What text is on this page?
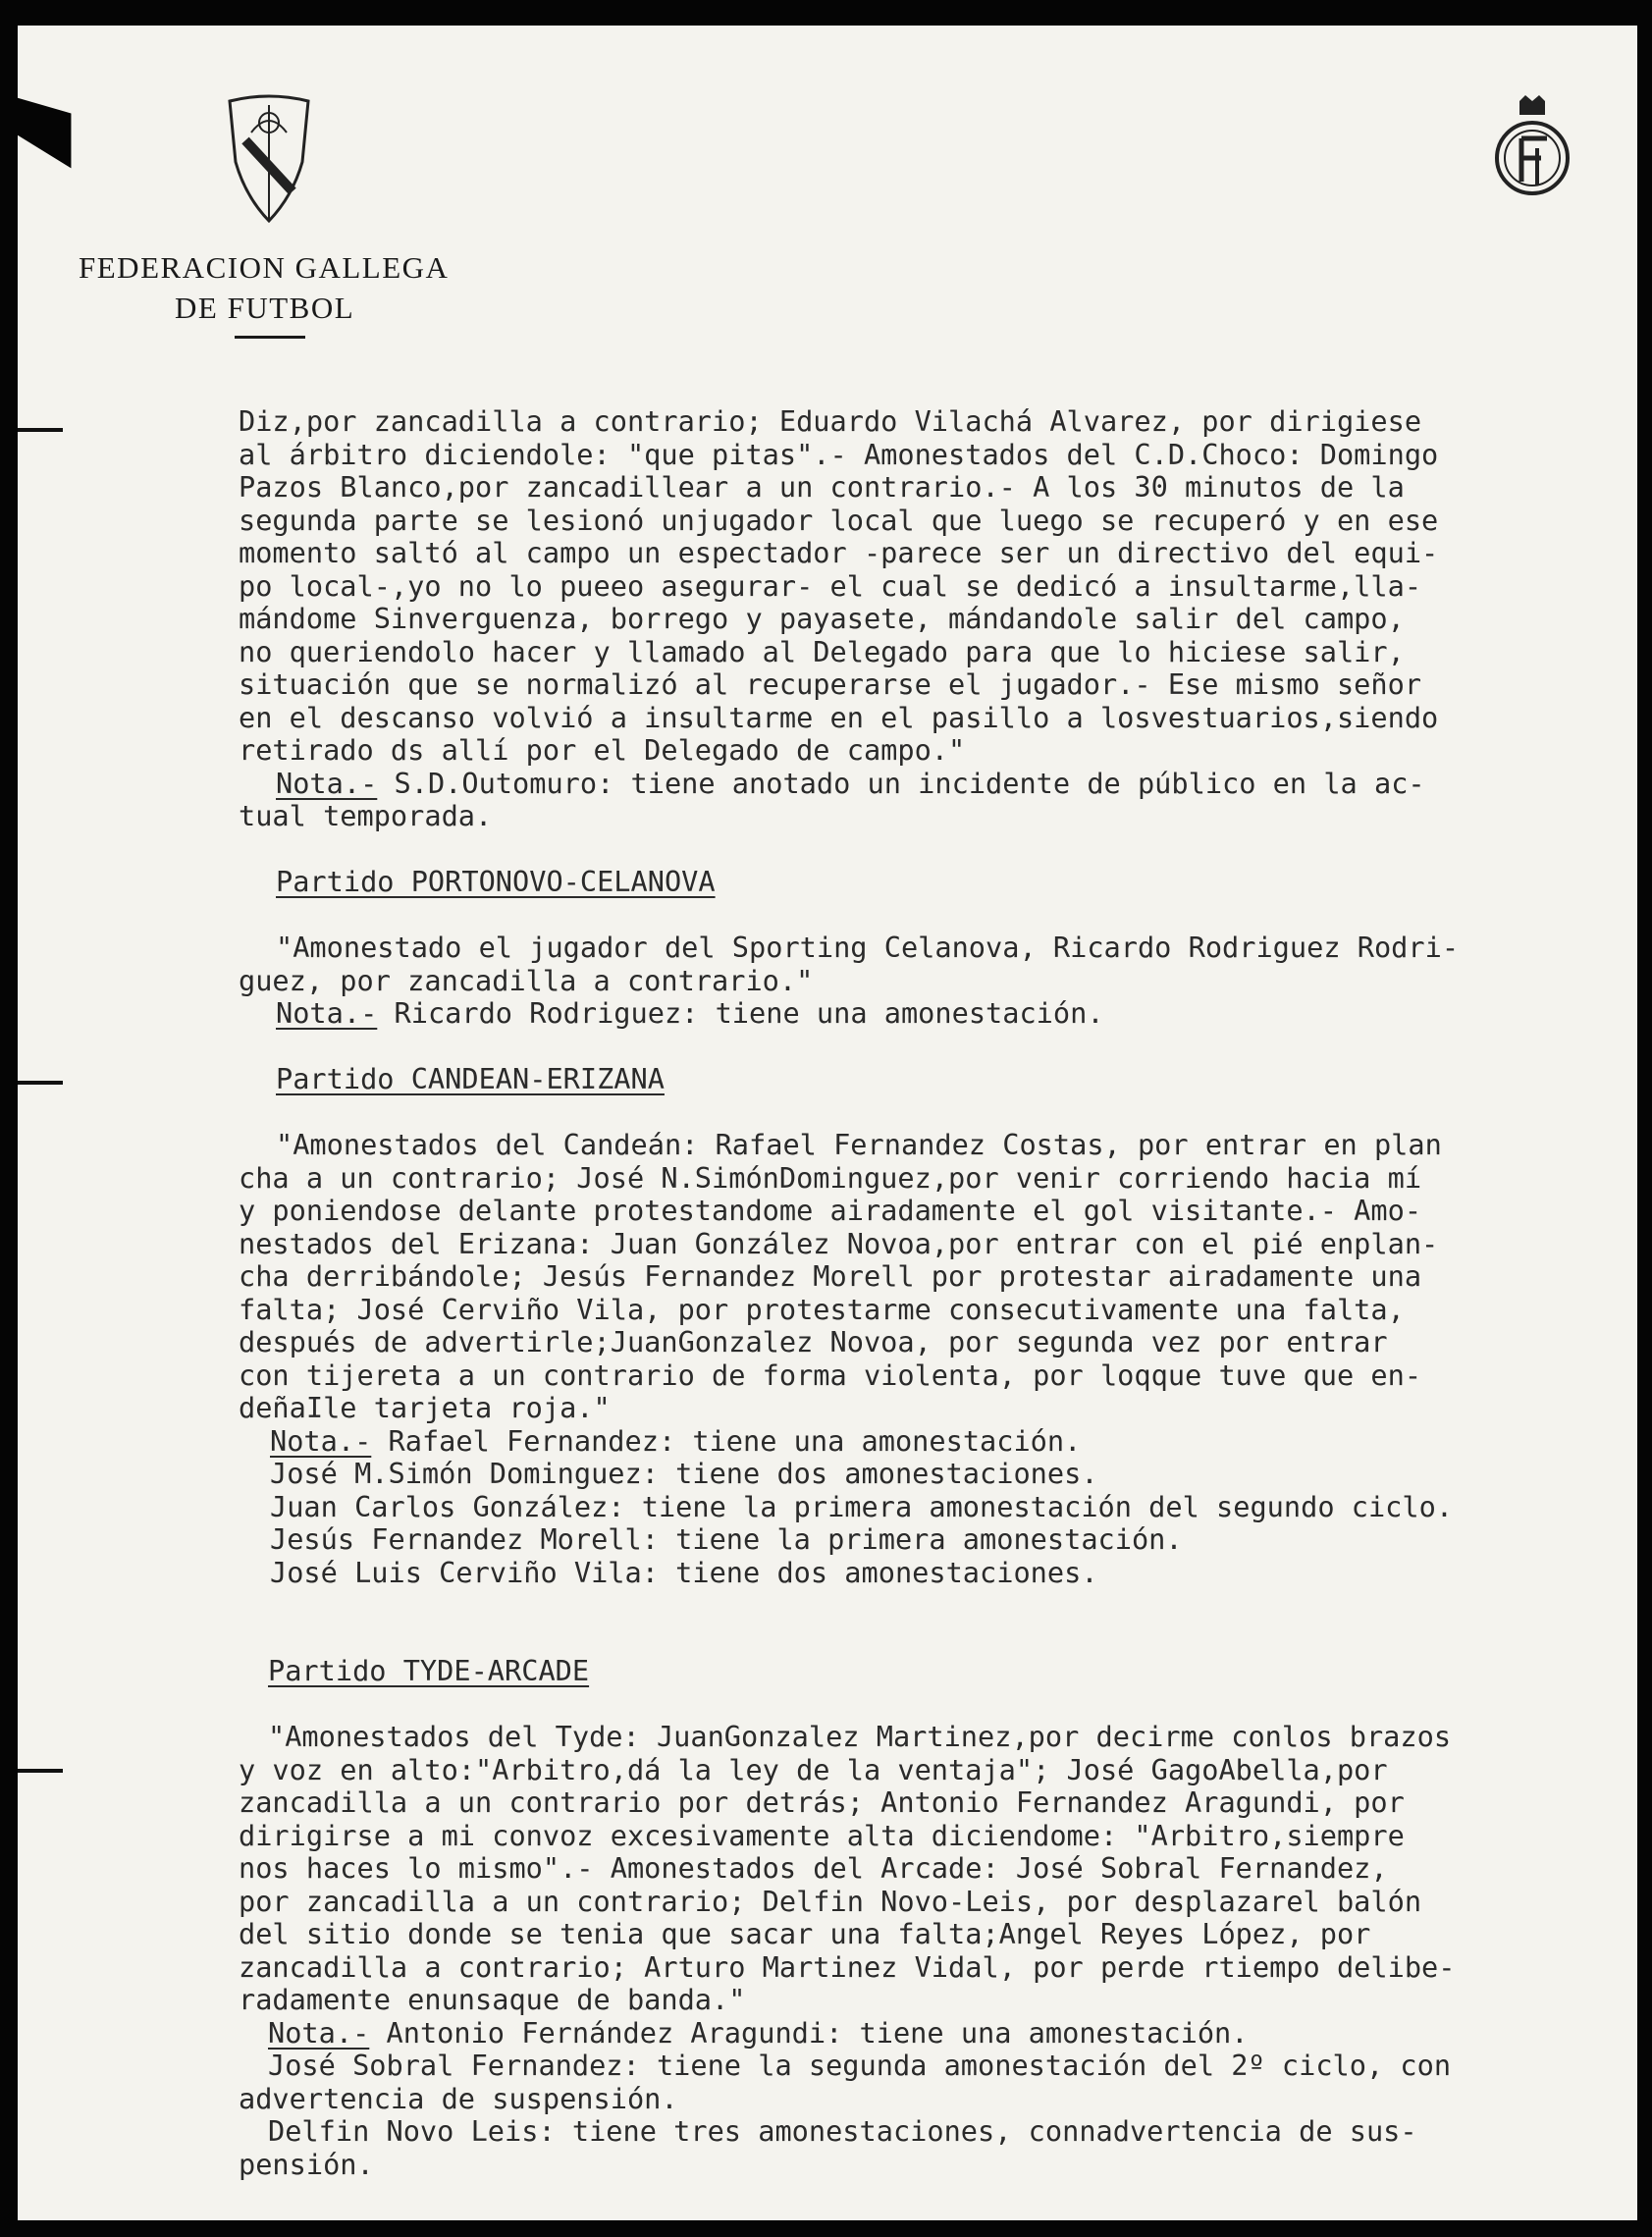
FEDERACION GALLEGA
DE FUTBOL
Diz,por zancadilla a contrario; Eduardo Vilachá Alvarez, por dirigiese
al árbitro diciendole: "que pitas".- Amonestados del C.D.Choco: Domingo
Pazos Blanco,por zancadillear a un contrario.- A los 30 minutos de la
segunda parte se lesionó unjugador local que luego se recuperó y en ese
momento saltó al campo un espectador -parece ser un directivo del equi-
po local-,yo no lo pueeo asegurar- el cual se dedicó a insultarme,lla-
mándome Sinverguenza, borrego y payasete, mándandole salir del campo,
no queriendolo hacer y llamado al Delegado para que lo hiciese salir,
situación que se normalizó al recuperarse el jugador.- Ese mismo señor
en el descanso volvió a insultarme en el pasillo a losvestuarios,siendo
retirado ds allí por el Delegado de campo."
Nota.- S.D.Outomuro: tiene anotado un incidente de público en la ac-
tual temporada.
Partido PORTONOVO-CELANOVA
"Amonestado el jugador del Sporting Celanova, Ricardo Rodriguez Rodri-
guez, por zancadilla a contrario."
Nota.- Ricardo Rodriguez: tiene una amonestación.
Partido CANDEAN-ERIZANA
"Amonestados del Candeán: Rafael Fernandez Costas, por entrar en plan
cha a un contrario; José N.SimónDominguez,por venir corriendo hacia mí
y poniendose delante protestandome airadamente el gol visitante.- Amo-
nestados del Erizana: Juan González Novoa,por entrar con el pié enplan-
cha derribándole; Jesús Fernandez Morell por protestar airadamente una
falta; José Cerviño Vila, por protestarme consecutivamente una falta,
después de advertirle;JuanGonzalez Novoa, por segunda vez por entrar
con tijereta a un contrario de forma violenta, por loqque tuve que en-
deñaIle tarjeta roja."
Nota.- Rafael Fernandez: tiene una amonestación.
José M.Simón Dominguez: tiene dos amonestaciones.
Juan Carlos González: tiene la primera amonestación del segundo ciclo.
Jesús Fernandez Morell: tiene la primera amonestación.
José Luis Cerviño Vila: tiene dos amonestaciones.
Partido TYDE-ARCADE
"Amonestados del Tyde: JuanGonzalez Martinez,por decirme conlos brazos
y voz en alto:"Arbitro,dá la ley de la ventaja"; José GagoAbella,por
zancadilla a un contrario por detrás; Antonio Fernandez Aragundi, por
dirigirse a mi convoz excesivamente alta diciendome: "Arbitro,siempre
nos haces lo mismo".- Amonestados del Arcade: José Sobral Fernandez,
por zancadilla a un contrario; Delfin Novo-Leis, por desplazarel balón
del sitio donde se tenia que sacar una falta;Angel Reyes López, por
zancadilla a contrario; Arturo Martinez Vidal, por perde rtiempo delibe-
radamente enunsaque de banda."
Nota.- Antonio Fernández Aragundi: tiene una amonestación.
José Sobral Fernandez: tiene la segunda amonestación del 2º ciclo, con
advertencia de suspensión.
Delfin Novo Leis: tiene tres amonestaciones, connadvertencia de sus-
pensión.
